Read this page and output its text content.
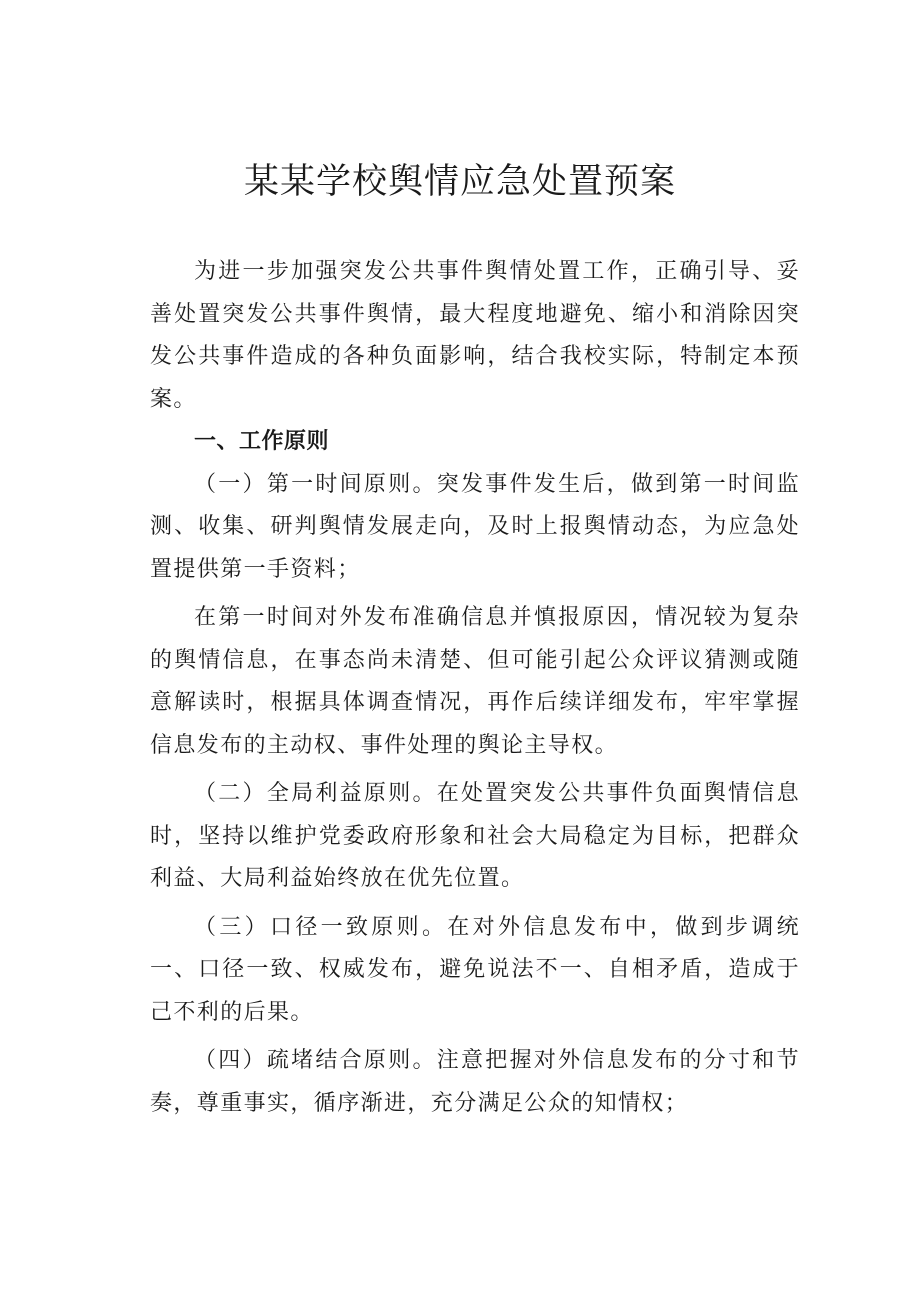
某某学校舆情应急处置预案

为进一步加强突发公共事件舆情处置工作，正确引导、妥善处置突发公共事件舆情，最大程度地避免、缩小和消除因突发公共事件造成的各种负面影响，结合我校实际，特制定本预案。

一、工作原则

（一）第一时间原则。突发事件发生后，做到第一时间监测、收集、研判舆情发展走向，及时上报舆情动态，为应急处置提供第一手资料；

在第一时间对外发布准确信息并慎报原因，情况较为复杂的舆情信息，在事态尚未清楚、但可能引起公众评议猜测或随意解读时，根据具体调查情况，再作后续详细发布，牢牢掌握信息发布的主动权、事件处理的舆论主导权。

（二）全局利益原则。在处置突发公共事件负面舆情信息时，坚持以维护党委政府形象和社会大局稳定为目标，把群众利益、大局利益始终放在优先位置。

（三）口径一致原则。在对外信息发布中，做到步调统一、口径一致、权威发布，避免说法不一、自相矛盾，造成于己不利的后果。

（四）疏堵结合原则。注意把握对外信息发布的分寸和节奏，尊重事实，循序渐进，充分满足公众的知情权；
